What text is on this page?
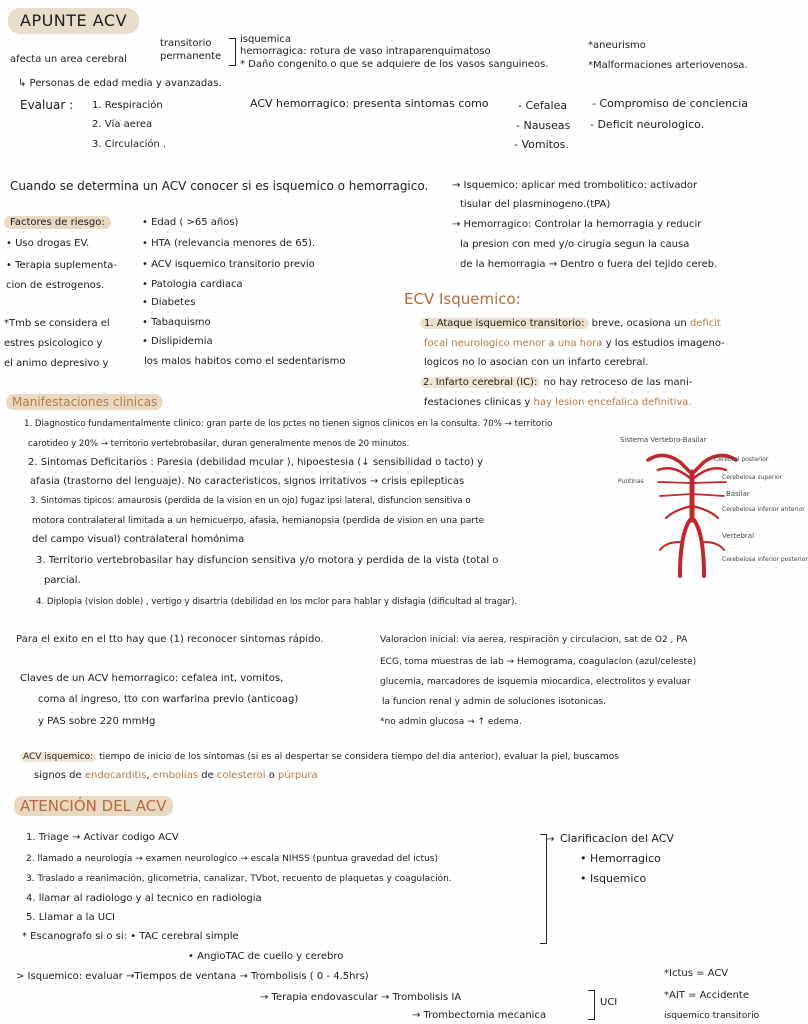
APUNTE ACV
afecta un area cerebral
transitorio
permanente
isquemica
hemorragica: rotura de vaso intraparenquimatoso
* Daño congenito o que se adquiere de los vasos sanguineos.
*aneurismo
*Malformaciones arteriovenosa.
↳ Personas de edad media y avanzadas.
Evaluar : 1. Respiración
2. Vía aerea
3. Circulación .
ACV hemorragico: presenta sintomas como	- Cefalea
- Nauseas
- Vomitos.
- Compromiso de conciencia
- Deficit neurologico.
Cuando se determina un ACV conocer si es isquemico o hemorragico. → Isquemico: aplicar med trombolitico: activador
tisular del plasminogeno.(tPA)
→ Hemorragico: Controlar la hemorragia y reducir
la presion con med y/o cirugia segun la causa
de la hemorragia → Dentro o fuera del tejido cereb.
Factores de riesgo:
• Uso drogas EV.
• Terapia suplementa-
cion de estrogenos.
• Edad ( >65 años)
• HTA (relevancia menores de 65).
• ACV isquemico transitorio previo
• Patologia cardiaca
• Diabetes
• Tabaquismo
• Dislipidemia
*Tmb se considera el
estres psicologico y
el animo depresivo y	los malos habitos como el sedentarismo
ECV Isquemico:
1. Ataque isquemico transitorio: breve, ocasiona un deficit
focal neurologico menor a una hora y los estudios imageno-
logicos no lo asocian con un infarto cerebral.
2. Infarto cerebral (IC): no hay retroceso de las mani-
festaciones clinicas y hay lesion encefalica definitiva.
Manifestaciones clinicas
1. Diagnostico fundamentalmente clinico: gran parte de los pctes no tienen signos clinicos en la consulta. 70% → territorio
carotideo y 20% → territorio vertebrobasilar, duran generalmente menos de 20 minutos.
2. Sintomas Deficitarios : Paresia (debilidad mcular ), hipoestesia (↓ sensibilidad o tacto) y
afasia (trastorno del lenguaje). No caracteristicos, signos irritativos → crisis epilepticas
3. Sintomas tipicos: amaurosis (perdida de la vision en un ojo) fugaz ipsi lateral, disfuncion sensitiva o
motora contralateral limitada a un hemicuerpo, afasia, hemianopsia (perdida de vision en una parte
del campo visual) contralateral homónima
3. Territorio vertebrobasilar hay disfuncion sensitiva y/o motora y perdida de la vista (total o
parcial.
4. Diplopia (vision doble) , vertigo y disartria (debilidad en los mclor para hablar y disfagia (dificultad al tragar).
Sistema Vertebro-Basilar
Cerebral posterior
Puntinas
Cerebelosa superior
Basilar
Cerebelosa inferior anterior
Vertebral
Cerebelosa inferior posterior
Para el exito en el tto hay que (1) reconocer sintomas rápido.	Valoracion inicial: vía aerea, respiración y circulacion, sat de O2 , PA
ECG, toma muestras de lab → Hemograma, coagulacion (azul/celeste)
glucemia, marcadores de isquemia miocardica, electrolitos y evaluar
la funcion renal y admin de soluciones isotonicas.
*no admin glucosa → ↑ edema.
Claves de un ACV hemorragico: cefalea int, vomitos,
coma al ingreso, tto con warfarina previo (anticoag)
y PAS sobre 220 mmHg
ACV isquemico: tiempo de inicio de los sintomas (si es al despertar se considera tiempo del dia anterior), evaluar la piel, buscamos
signos de endocarditis, embolias de colesterol o púrpura
ATENCIÓN DEL ACV
1. Triage → Activar codigo ACV
2. llamado a neurologia → examen neurologico → escala NIHSS (puntua gravedad del ictus)
3. Traslado a reanimación, glicometria, canalizar, TVbot, recuento de plaquetas y coagulación.
4. llamar al radiologo y al tecnico en radiologia
5. Llamar a la UCI
* Escanografo si o si: • TAC cerebral simple
• AngioTAC de cuello y cerebro
→ Clarificacion del ACV
• Hemorragico
• Isquemico
> Isquemico: evaluar →Tiempos de ventana → Trombolisis ( 0 - 4.5hrs)
→ Terapia endovascular → Trombolisis IA
→ Trombectomia mecanica
UCI
*Ictus = ACV
*AIT = Accidente
isquemico transitorio
